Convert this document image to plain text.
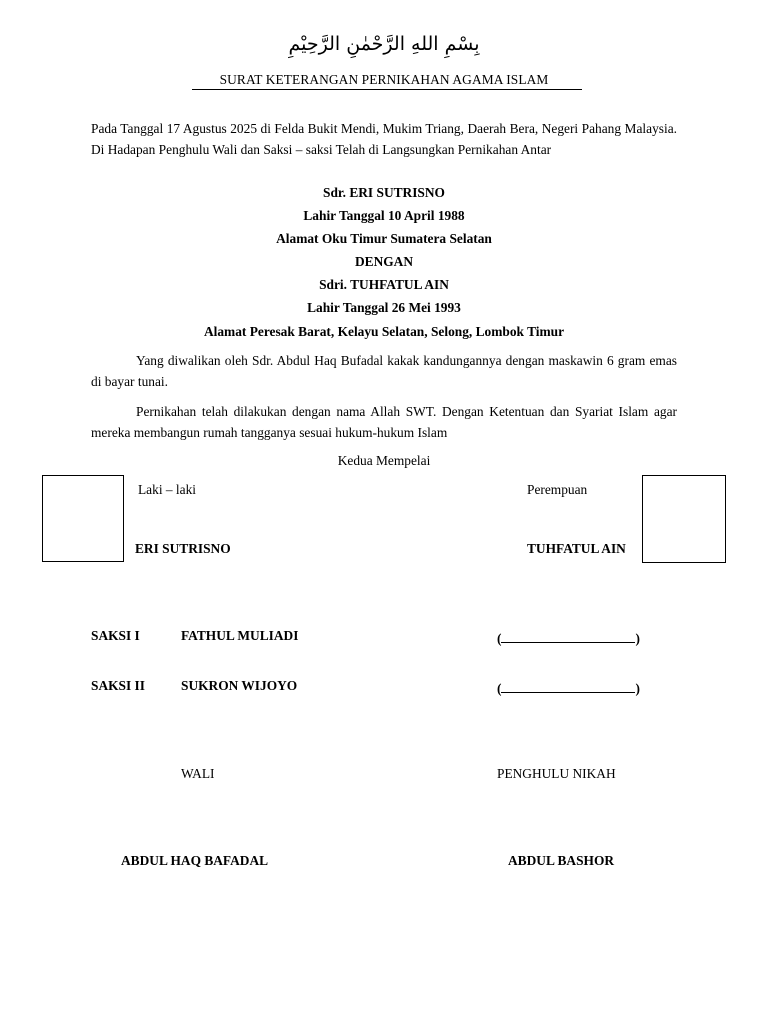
بِسْمِ اللهِ الرَّحْمٰنِ الرَّحِيْمِ
SURAT KETERANGAN PERNIKAHAN AGAMA ISLAM
Pada Tanggal 17 Agustus 2025 di Felda Bukit Mendi, Mukim Triang, Daerah Bera, Negeri Pahang Malaysia. Di Hadapan Penghulu Wali dan Saksi – saksi Telah di Langsungkan Pernikahan Antar
Sdr. ERI SUTRISNO
Lahir Tanggal 10 April 1988
Alamat Oku Timur Sumatera Selatan
DENGAN
Sdri. TUHFATUL AIN
Lahir Tanggal 26 Mei 1993
Alamat Peresak Barat, Kelayu Selatan, Selong, Lombok Timur
Yang diwalikan oleh Sdr. Abdul Haq Bufadal kakak kandungannya dengan maskawin 6 gram emas di bayar tunai.
Pernikahan telah dilakukan dengan nama Allah SWT. Dengan Ketentuan dan Syariat Islam agar mereka membangun rumah tangganya sesuai hukum-hukum Islam
Kedua Mempelai
Laki – laki	Perempuan
ERI SUTRISNO	TUHFATUL AIN
SAKSI I	FATHUL MULIADI	(	)
SAKSI II	SUKRON WIJOYO	(	)
WALI	PENGHULU NIKAH
ABDUL HAQ BAFADAL	ABDUL BASHOR
